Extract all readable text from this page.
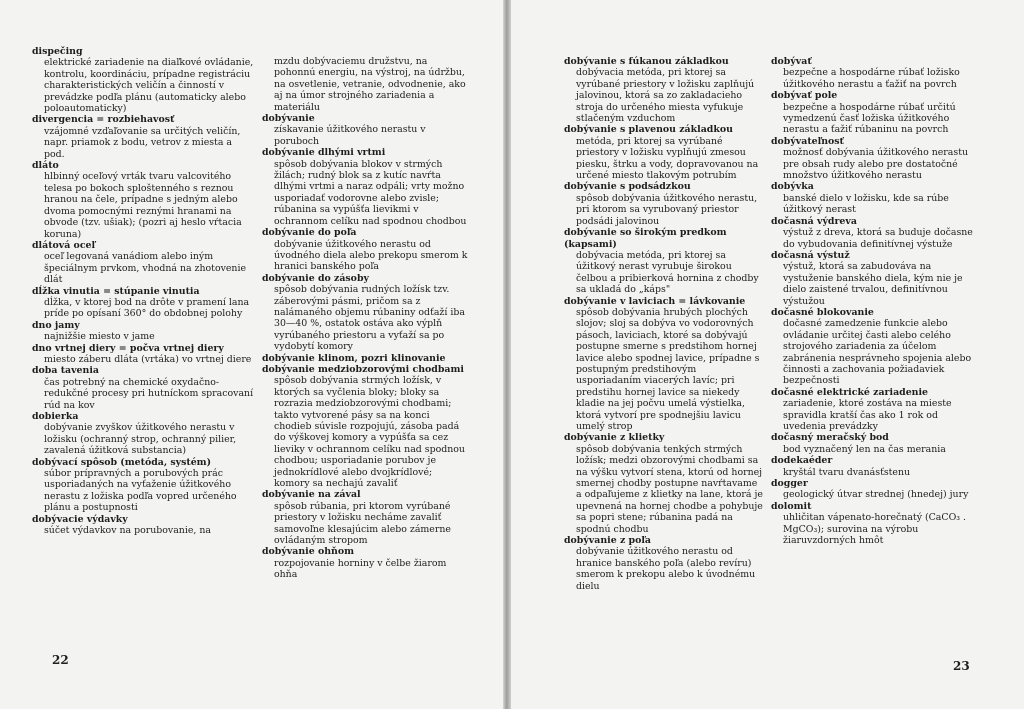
dispečing
elektrické zariadenie na diaľkové ovládanie, kontrolu, koordináciu, prípadne registráciu charakteristických veličín a činností v prevádzke podľa plánu (automaticky alebo poloautomaticky)
divergencia = rozbiehavosť
vzájomné vzďaľovanie sa určitých veličín, napr. priamok z bodu, vetrov z miesta a pod.
dláto
hlbinný oceľový vrták tvaru valcovitého telesa po bokoch sploštenného s reznou hranou na čele, prípadne s jedným alebo dvoma pomocnými reznými hranami na obvode (tzv. ušiak); (pozri aj heslo vŕtacia koruna)
dlátová oceľ
oceľ legovaná vanádiom alebo iným špeciálnym prvkom, vhodná na zhotovenie dlát
dĺžka vinutia = stúpanie vinutia
dĺžka, v ktorej bod na drôte v pramení lana príde po opísaní 360° do obdobnej polohy
dno jamy
najnižšie miesto v jame
dno vrtnej diery = počva vrtnej diery
miesto záberu dláta (vrtáka) vo vrtnej diere
doba tavenia
čas potrebný na chemické oxydačno-redukčné procesy pri hutníckom spracovaní rúd na kov
dobierka
dobývanie zvyškov úžitkového nerastu v ložisku (ochranný strop, ochranný pilier, zavalená úžitková substancia)
dobývací spôsob (metóda, systém)
súbor prípravných a porubových prác usporiadaných na vyťaženie úžitkového nerastu z ložiska podľa vopred určeného plánu a postupnosti
dobývacie výdavky
súčet výdavkov na porubovanie, na
mzdu dobývaciemu družstvu, na pohonnú energiu, na výstroj, na údržbu, na osvetlenie, vetranie, odvodnenie, ako aj na úmor strojného zariadenia a materiálu
dobývanie
získavanie úžitkového nerastu v poruboch
dobývanie dlhými vrtmi
spôsob dobývania blokov v strmých žilách; rudný blok sa z kutíc navŕta dlhými vrtmi a naraz odpáli; vrty možno usporiadať vodorovne alebo zvisle; rúbanina sa vypúšťa lievikmi v ochrannom celíku nad spodnou chodbou
dobývanie do poľa
dobývanie úžitkového nerastu od úvodného diela alebo prekopu smerom k hranici banského poľa
dobývanie do zásoby
spôsob dobývania rudných ložísk tzv. záberovými pásmi, pričom sa z nalámaného objemu rúbaniny odťaží iba 30—40 %, ostatok ostáva ako výplň vyrúbaného priestoru a vyťaží sa po vydobytí komory
dobývanie klinom, pozri klinovanie
dobývanie medziobzorovými chodbami
spôsob dobývania strmých ložísk, v ktorých sa vyčlenia bloky; bloky sa rozrazia medziobzorovými chodbami; takto vytvorené pásy sa na konci chodieb súvisle rozpojujú, zásoba padá do výškovej komory a vypúšťa sa cez lieviky v ochrannom celíku nad spodnou chodbou; usporiadanie porubov je jednokrídlové alebo dvojkrídlové; komory sa nechajú zavaliť
dobývanie na zával
spôsob rúbania, pri ktorom vyrúbané priestory v ložisku necháme zavaliť samovoľne klesajúcim alebo zámerne ovládaným stropom
dobývanie ohňom
rozpojovanie horniny v čelbe žiarom ohňa
dobývanie s fúkanou základkou
dobývacia metóda, pri ktorej sa vyrúbané priestory v ložisku zaplňujú jalovinou, ktorá sa zo zakladacieho stroja do určeného miesta vyfukuje stlačeným vzduchom
dobývanie s plavenou základkou
metóda, pri ktorej sa vyrúbané priestory v ložisku vyplňujú zmesou piesku, štrku a vody, dopravovanou na určené miesto tlakovým potrubím
dobývanie s podsádzkou
spôsob dobývania úžitkového nerastu, pri ktorom sa vyrubovaný priestor podsádi jalovinou
dobývanie so širokým predkom (kapsami)
dobývacia metóda, pri ktorej sa úžitkový nerast vyrubuje širokou čelbou a pribierková hornina z chodby sa ukladá do „káps"
dobývanie v laviciach = lávkovanie
spôsob dobývania hrubých plochých slojov; sloj sa dobýva vo vodorovných pásoch, laviciach, ktoré sa dobývajú postupne smerne s predstihom hornej lavice alebo spodnej lavice, prípadne s postupným predstihovým usporiadaním viacerých lavíc; pri predstihu hornej lavice sa niekedy kladie na jej počvu umelá výstielka, ktorá vytvorí pre spodnejšiu lavicu umelý strop
dobývanie z klietky
spôsob dobývania tenkých strmých ložísk; medzi obzorovými chodbami sa na výšku vytvorí stena, ktorú od hornej smernej chodby postupne navŕtavame a odpaľujeme z klietky na lane, ktorá je upevnená na hornej chodbe a pohybuje sa popri stene; rúbanina padá na spodnú chodbu
dobývanie z poľa
dobývanie úžitkového nerastu od hranice banského poľa (alebo revíru) smerom k prekopu alebo k úvodnému dielu
dobývať
bezpečne a hospodárne rúbať ložisko úžitkového nerastu a ťažiť na povrch
dobývať pole
bezpečne a hospodárne rúbať určitú vymedzenú časť ložiska úžitkového nerastu a ťažiť rúbaninu na povrch
dobývateľnosť
možnosť dobývania úžitkového nerastu pre obsah rudy alebo pre dostatočné množstvo úžitkového nerastu
dobývka
banské dielo v ložisku, kde sa rúbe úžitkový nerast
dočasná výdreva
výstuž z dreva, ktorá sa buduje dočasne do vybudovania definitívnej výstuže
dočasná výstuž
výstuž, ktorá sa zabudováva na vystuženie banského diela, kým nie je dielo zaistené trvalou, definitívnou výstužou
dočasné blokovanie
dočasné zamedzenie funkcie alebo ovládanie určitej časti alebo celého strojového zariadenia za účelom zabránenia nesprávneho spojenia alebo činnosti a zachovania požiadaviek bezpečnosti
dočasné elektrické zariadenie
zariadenie, ktoré zostáva na mieste spravidla kratší čas ako 1 rok od uvedenia prevádzky
dočasný meračský bod
bod vyznačený len na čas merania
dodekaéder
kryštál tvaru dvanásťstenu
dogger
geologický útvar strednej (hnedej) jury
dolomit
uhličitan vápenato-horečnatý (CaCO₃ . MgCO₃); surovina na výrobu žiaruvzdorných hmôt
22	23
